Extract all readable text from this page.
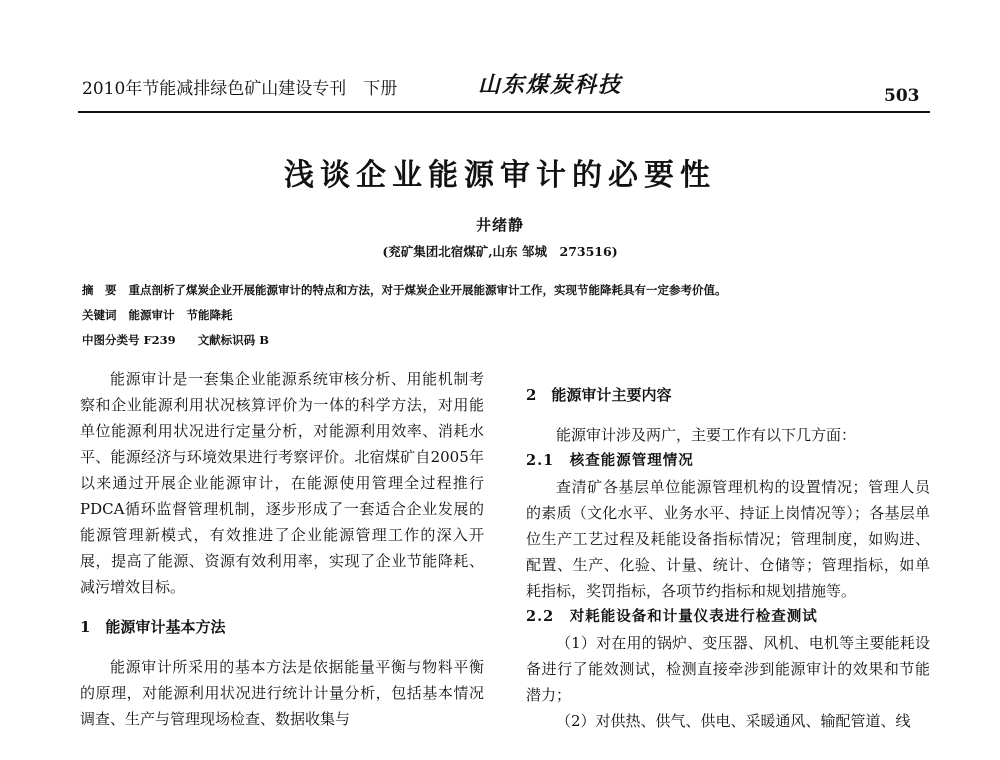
2010年节能减排绿色矿山建设专刊　下册	山东煤炭科技	503
浅谈企业能源审计的必要性
井绪静
(兖矿集团北宿煤矿,山东 邹城　273516)
摘　要 重点剖析了煤炭企业开展能源审计的特点和方法，对于煤炭企业开展能源审计工作，实现节能降耗具有一定参考价值。
关键词 能源审计 节能降耗
中图分类号 F239 文献标识码 B

能源审计是一套集企业能源系统审核分析、用能机制考察和企业能源利用状况核算评价为一体的科学方法，对用能单位能源利用状况进行定量分析，对能源利用效率、消耗水平、能源经济与环境效果进行考察评价。北宿煤矿自2005年以来通过开展企业能源审计，在能源使用管理全过程推行PDCA循环监督管理机制，逐步形成了一套适合企业发展的能源管理新模式，有效推进了企业能源管理工作的深入开展，提高了能源、资源有效利用率，实现了企业节能降耗、减污增效目标。

1　能源审计基本方法

能源审计所采用的基本方法是依据能量平衡与物料平衡的原理，对能源利用状况进行统计计量分析，包括基本情况调查、生产与管理现场检查、数据收集与

2　能源审计主要内容

能源审计涉及两广，主要工作有以下几方面：

2.1　核查能源管理情况

查清矿各基层单位能源管理机构的设置情况；管理人员的素质（文化水平、业务水平、持证上岗情况等）；各基层单位生产工艺过程及耗能设备指标情况；管理制度，如购进、配置、生产、化验、计量、统计、仓储等；管理指标，如单耗指标，奖罚指标，各项节约指标和规划措施等。

2.2　对耗能设备和计量仪表进行检查测试

（1）对在用的锅炉、变压器、风机、电机等主要能耗设备进行了能效测试，检测直接牵涉到能源审计的效果和节能潜力；

（2）对供热、供气、供电、采暖通风、输配管道、线
